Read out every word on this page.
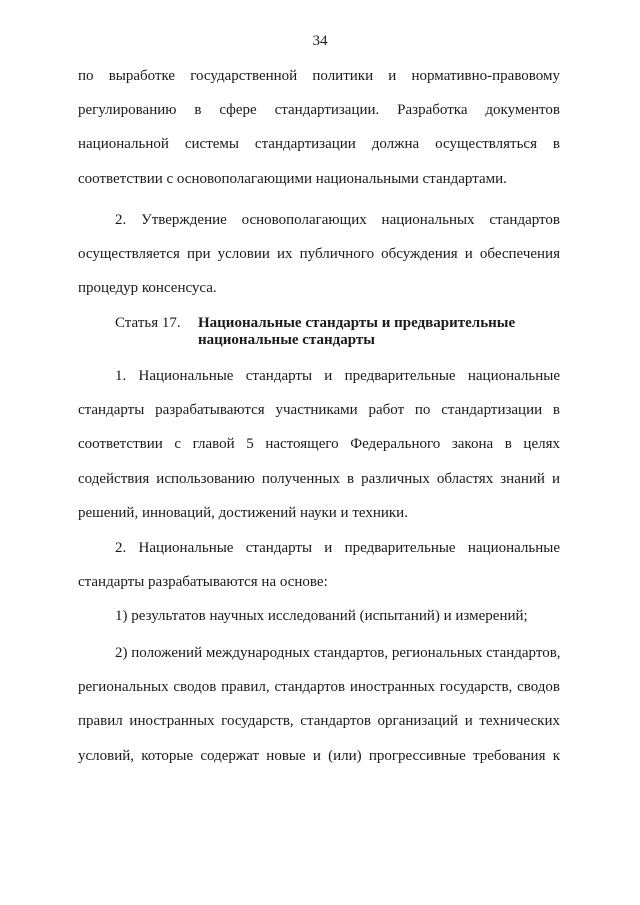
34
по выработке государственной политики и нормативно-правовому
регулированию в сфере стандартизации. Разработка документов
национальной системы стандартизации должна осуществляться в
соответствии с основополагающими национальными стандартами.
2. Утверждение основополагающих национальных стандартов
осуществляется при условии их публичного обсуждения и обеспечения
процедур консенсуса.
Статья 17. Национальные стандарты и предварительные
национальные стандарты
1. Национальные стандарты и предварительные национальные
стандарты разрабатываются участниками работ по стандартизации в
соответствии с главой 5 настоящего Федерального закона в целях
содействия использованию полученных в различных областях знаний и
решений, инноваций, достижений науки и техники.
2. Национальные стандарты и предварительные национальные
стандарты разрабатываются на основе:
1) результатов научных исследований (испытаний) и измерений;
2) положений международных стандартов, региональных стандартов,
региональных сводов правил, стандартов иностранных государств, сводов
правил иностранных государств, стандартов организаций и технических
условий, которые содержат новые и (или) прогрессивные требования к
